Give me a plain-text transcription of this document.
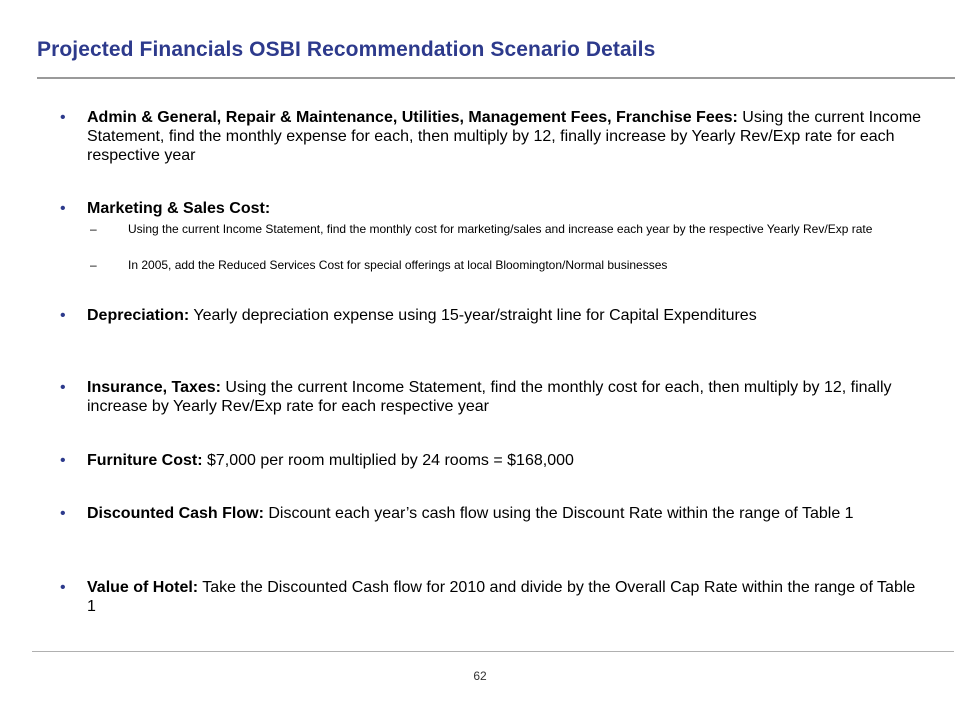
Projected Financials OSBI Recommendation Scenario Details
• Admin & General, Repair & Maintenance, Utilities, Management Fees, Franchise Fees: Using the current Income Statement, find the monthly expense for each, then multiply by 12, finally increase by Yearly Rev/Exp rate for each respective year
• Marketing & Sales Cost:
–	Using the current Income Statement, find the monthly cost for marketing/sales and increase each year by the respective Yearly Rev/Exp rate
–	In 2005, add the Reduced Services Cost for special offerings at local Bloomington/Normal businesses
• Depreciation: Yearly depreciation expense using 15-year/straight line for Capital Expenditures
• Insurance, Taxes: Using the current Income Statement, find the monthly cost for each, then multiply by 12, finally increase by Yearly Rev/Exp rate for each respective year
• Furniture Cost: $7,000 per room multiplied by 24 rooms = $168,000
• Discounted Cash Flow: Discount each year’s cash flow using the Discount Rate within the range of Table 1
• Value of Hotel: Take the Discounted Cash flow for 2010 and divide by the Overall Cap Rate within the range of Table 1
62
